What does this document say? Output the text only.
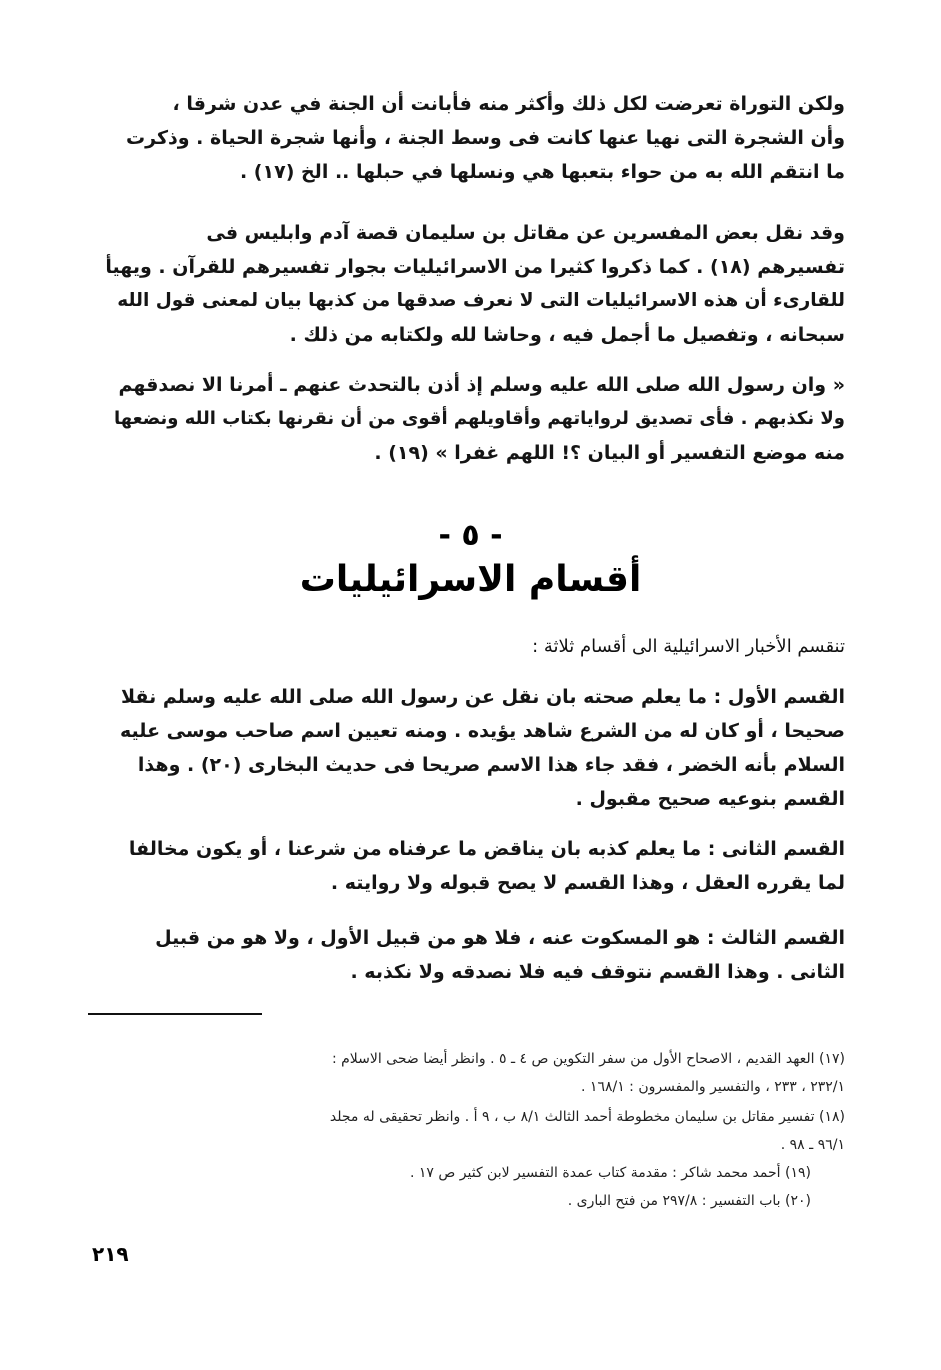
ولكن التوراة تعرضت لكل ذلك وأكثر منه فأبانت أن الجنة في عدن شرقا ،
وأن الشجرة التى نهيا عنها كانت فى وسط الجنة ، وأنها شجرة الحياة . وذكرت
ما انتقم الله به من حواء بتعبها هي ونسلها في حبلها .. الخ (١٧) .
وقد نقل بعض المفسرين عن مقاتل بن سليمان قصة آدم وابليس فى
تفسيرهم (١٨) . كما ذكروا كثيرا من الاسرائيليات بجوار تفسيرهم للقرآن . ويهيأ
للقارىء أن هذه الاسرائيليات التى لا نعرف صدقها من كذبها بيان لمعنى قول الله
سبحانه ، وتفصيل ما أجمل فيه ، وحاشا لله ولكتابه من ذلك .
« وان رسول الله صلى الله عليه وسلم إذ أذن بالتحدث عنهم ـ أمرنا الا نصدقهم
ولا نكذبهم . فأى تصديق لرواياتهم وأقاويلهم أقوى من أن نقرنها بكتاب الله ونضعها
منه موضع التفسير أو البيان ؟! اللهم غفرا » (١٩) .
- ٥ -
أقسام الاسرائيليات
تنقسم الأخبار الاسرائيلية الى أقسام ثلاثة :
القسم الأول : ما يعلم صحته بان نقل عن رسول الله صلى الله عليه وسلم نقلا
صحيحا ، أو كان له من الشرع شاهد يؤيده . ومنه تعيين اسم صاحب موسى عليه
السلام بأنه الخضر ، فقد جاء هذا الاسم صريحا فى حديث البخارى (٢٠) . وهذا
القسم بنوعيه صحيح مقبول .
القسم الثانى : ما يعلم كذبه بان يناقض ما عرفناه من شرعنا ، أو يكون مخالفا
لما يقرره العقل ، وهذا القسم لا يصح قبوله ولا روايته .
القسم الثالث : هو المسكوت عنه ، فلا هو من قبيل الأول ، ولا هو من قبيل
الثانى . وهذا القسم نتوقف فيه فلا نصدقه ولا نكذبه .
(١٧) العهد القديم ، الاصحاح الأول من سفر التكوين ص ٤ ـ ٥ . وانظر أيضا ضحى الاسلام :
٢٣٢/١ ، ٢٣٣ ، والتفسير والمفسرون : ١٦٨/١ .
(١٨) تفسير مقاتل بن سليمان مخطوطة أحمد الثالث ٨/١ ب ، ٩ أ . وانظر تحقيقى له مجلد
٩٦/١ ـ ٩٨ .
(١٩) أحمد محمد شاكر : مقدمة كتاب عمدة التفسير لابن كثير ص ١٧ .
(٢٠) باب التفسير : ٢٩٧/٨ من فتح البارى .
٢١٩
